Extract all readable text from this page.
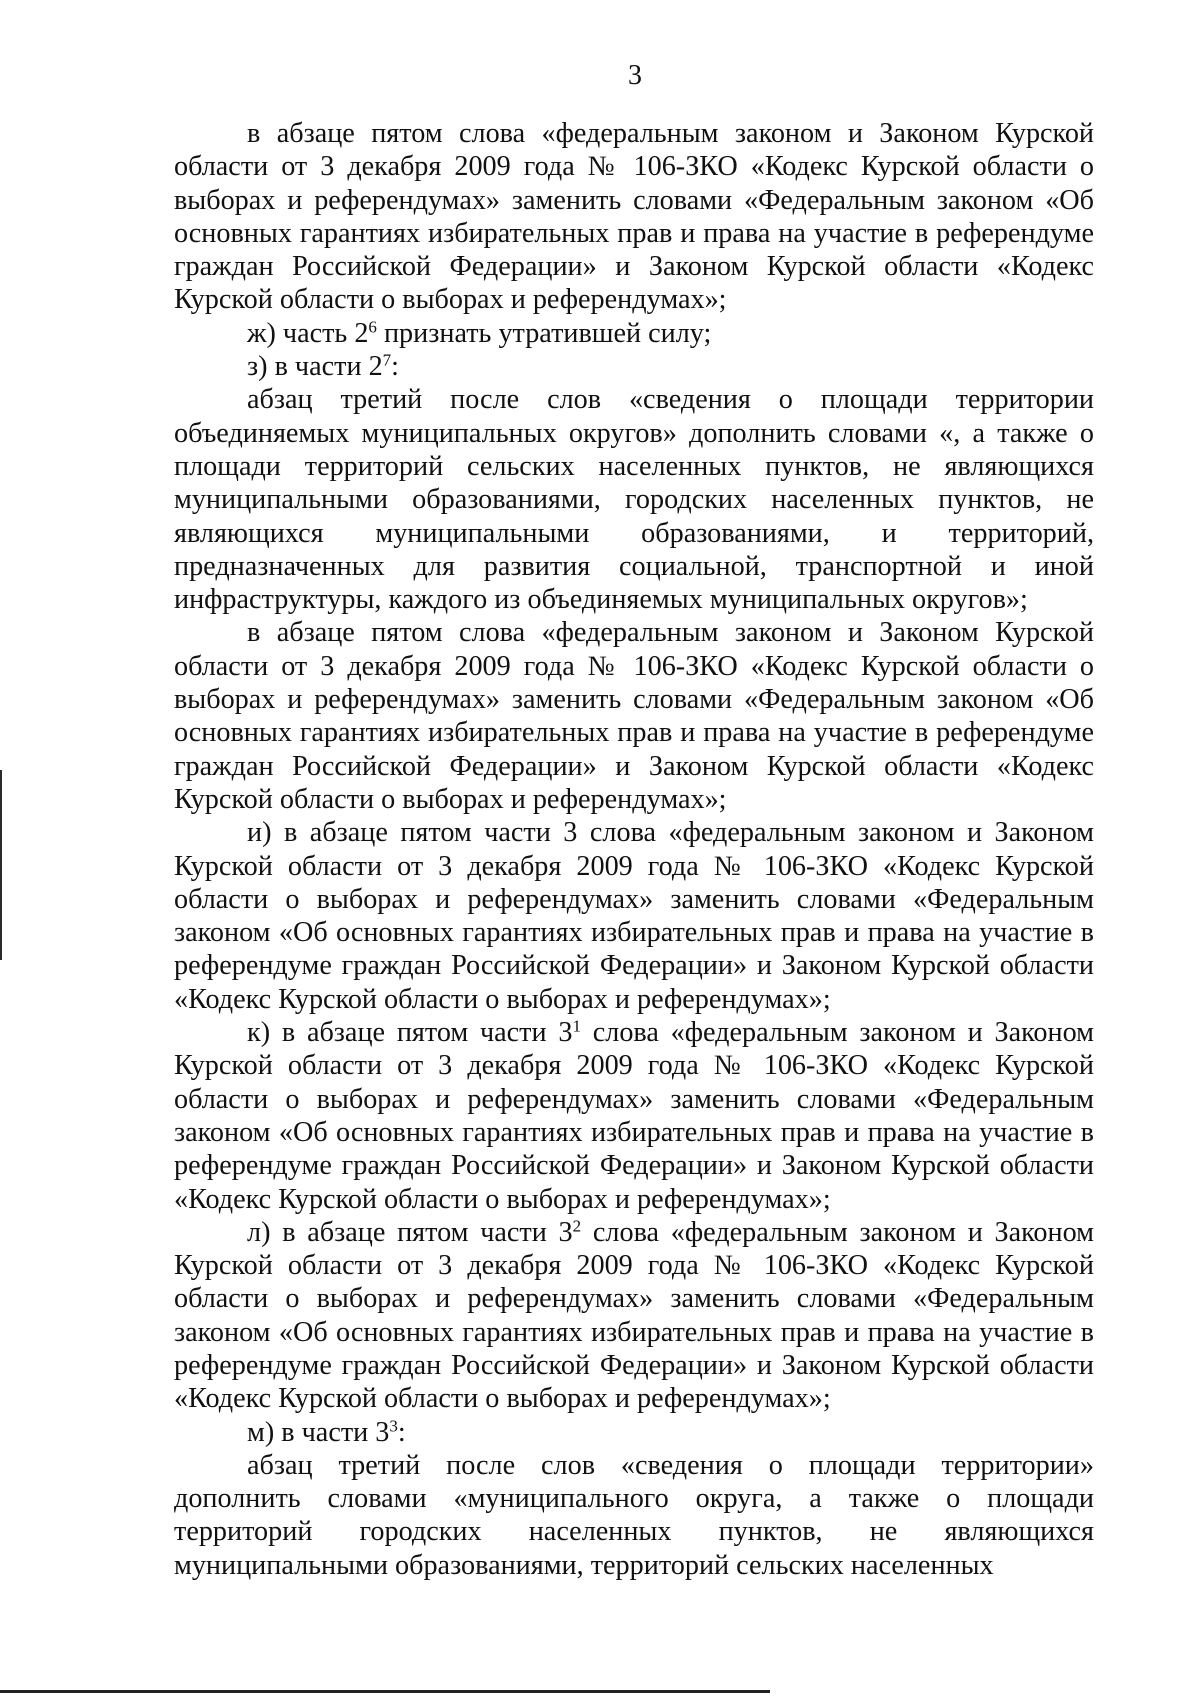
3

в абзаце пятом слова «федеральным законом и Законом Курской области от 3 декабря 2009 года № 106-ЗКО «Кодекс Курской области о выборах и референдумах» заменить словами «Федеральным законом «Об основных гарантиях избирательных прав и права на участие в референдуме граждан Российской Федерации» и Законом Курской области «Кодекс Курской области о выборах и референдумах»;

ж) часть $2^6$ признать утратившей силу;

з) в части $2^7$:

абзац третий после слов «сведения о площади территории объединяемых муниципальных округов» дополнить словами «, а также о площади территорий сельских населенных пунктов, не являющихся муниципальными образованиями, городских населенных пунктов, не являющихся муниципальными образованиями, и территорий, предназначенных для развития социальной, транспортной и иной инфраструктуры, каждого из объединяемых муниципальных округов»;

в абзаце пятом слова «федеральным законом и Законом Курской области от 3 декабря 2009 года № 106-ЗКО «Кодекс Курской области о выборах и референдумах» заменить словами «Федеральным законом «Об основных гарантиях избирательных прав и права на участие в референдуме граждан Российской Федерации» и Законом Курской области «Кодекс Курской области о выборах и референдумах»;

и) в абзаце пятом части 3 слова «федеральным законом и Законом Курской области от 3 декабря 2009 года № 106-ЗКО «Кодекс Курской области о выборах и референдумах» заменить словами «Федеральным законом «Об основных гарантиях избирательных прав и права на участие в референдуме граждан Российской Федерации» и Законом Курской области «Кодекс Курской области о выборах и референдумах»;

к) в абзаце пятом части $3^1$ слова «федеральным законом и Законом Курской области от 3 декабря 2009 года № 106-ЗКО «Кодекс Курской области о выборах и референдумах» заменить словами «Федеральным законом «Об основных гарантиях избирательных прав и права на участие в референдуме граждан Российской Федерации» и Законом Курской области «Кодекс Курской области о выборах и референдумах»;

л) в абзаце пятом части $3^2$ слова «федеральным законом и Законом Курской области от 3 декабря 2009 года № 106-ЗКО «Кодекс Курской области о выборах и референдумах» заменить словами «Федеральным законом «Об основных гарантиях избирательных прав и права на участие в референдуме граждан Российской Федерации» и Законом Курской области «Кодекс Курской области о выборах и референдумах»;

м) в части $3^3$:

абзац третий после слов «сведения о площади территории» дополнить словами «муниципального округа, а также о площади территорий городских населенных пунктов, не являющихся муниципальными образованиями, территорий сельских населенных
